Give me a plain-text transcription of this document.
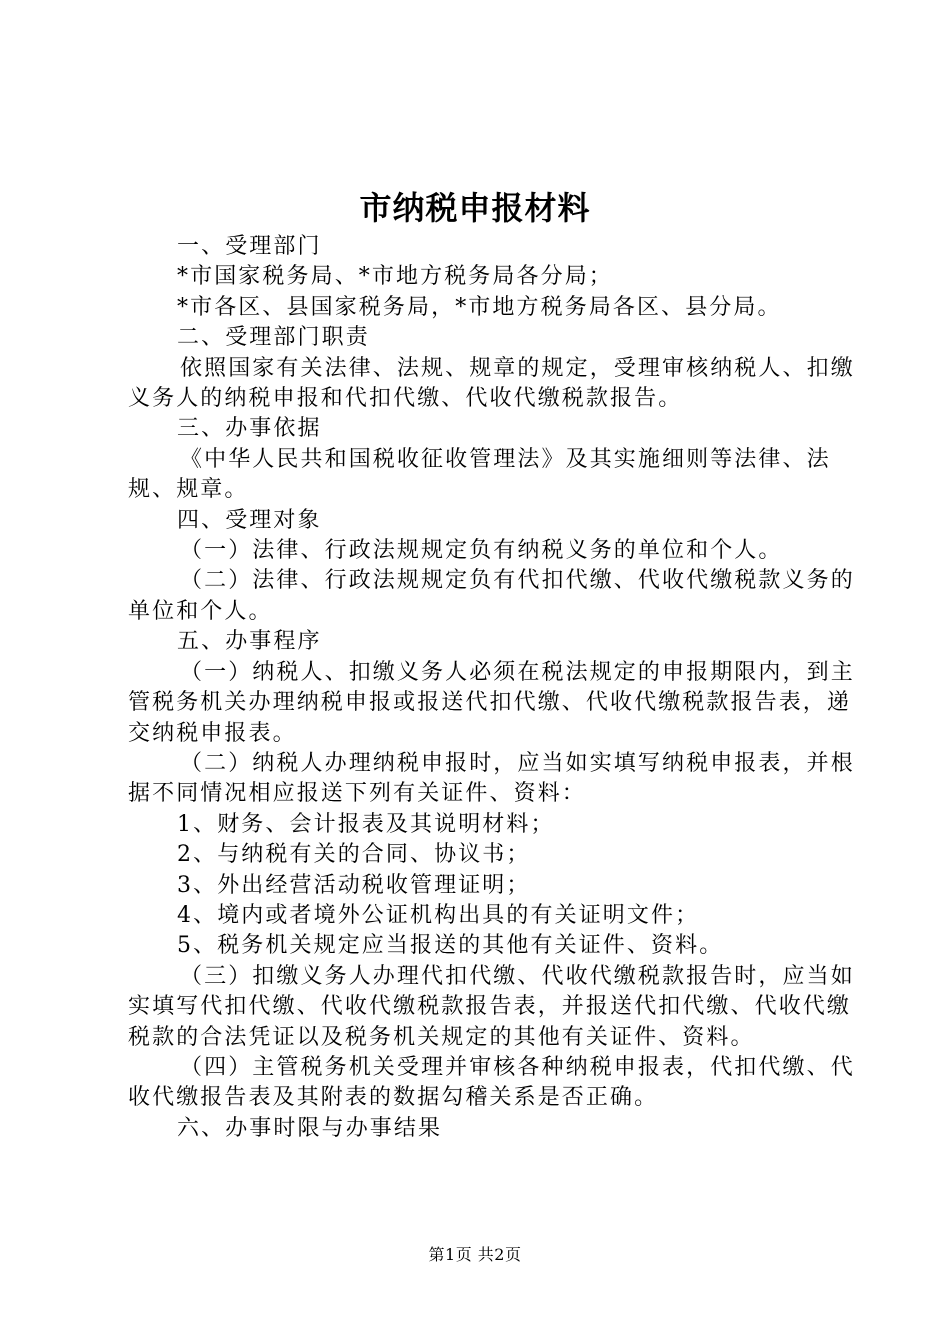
市纳税申报材料

一、受理部门

*市国家税务局、*市地方税务局各分局；

*市各区、县国家税务局，*市地方税务局各区、县分局。

二、受理部门职责

依照国家有关法律、法规、规章的规定，受理审核纳税人、扣缴义务人的纳税申报和代扣代缴、代收代缴税款报告。

三、办事依据

《中华人民共和国税收征收管理法》及其实施细则等法律、法规、规章。

四、受理对象

（一）法律、行政法规规定负有纳税义务的单位和个人。

（二）法律、行政法规规定负有代扣代缴、代收代缴税款义务的单位和个人。

五、办事程序

（一）纳税人、扣缴义务人必须在税法规定的申报期限内，到主管税务机关办理纳税申报或报送代扣代缴、代收代缴税款报告表，递交纳税申报表。

（二）纳税人办理纳税申报时，应当如实填写纳税申报表，并根据不同情况相应报送下列有关证件、资料：

1、财务、会计报表及其说明材料；

2、与纳税有关的合同、协议书；

3、外出经营活动税收管理证明；

4、境内或者境外公证机构出具的有关证明文件；

5、税务机关规定应当报送的其他有关证件、资料。

（三）扣缴义务人办理代扣代缴、代收代缴税款报告时，应当如实填写代扣代缴、代收代缴税款报告表，并报送代扣代缴、代收代缴税款的合法凭证以及税务机关规定的其他有关证件、资料。

（四）主管税务机关受理并审核各种纳税申报表，代扣代缴、代收代缴报告表及其附表的数据勾稽关系是否正确。

六、办事时限与办事结果

第1页 共2页
